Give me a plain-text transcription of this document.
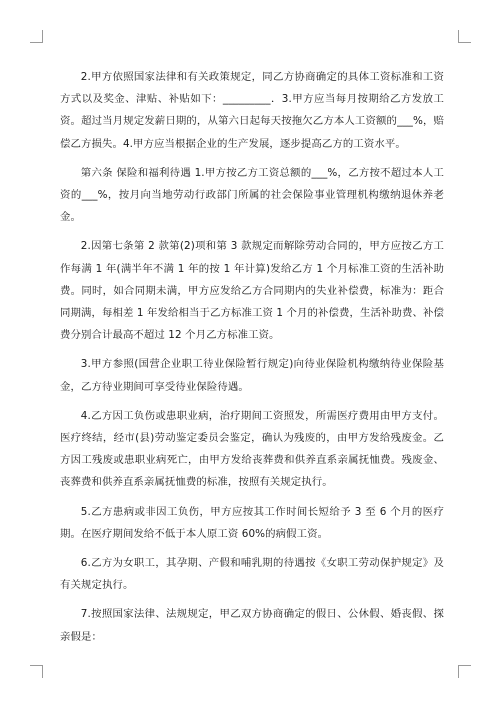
2.甲方依照国家法律和有关政策规定，同乙方协商确定的具体工资标准和工资方式以及奖金、津贴、补贴如下：_________．3.甲方应当每月按期给乙方发放工资。超过当月规定发薪日期的，从第六日起每天按拖欠乙方本人工资额的___%，赔偿乙方损失。4.甲方应当根据企业的生产发展，逐步提高乙方的工资水平。

第六条 保险和福利待遇 1.甲方按乙方工资总额的___%，乙方按不超过本人工资的___%，按月向当地劳动行政部门所属的社会保险事业管理机构缴纳退休养老金。

2.因第七条第 2 款第(2)项和第 3 款规定而解除劳动合同的，甲方应按乙方工作每满 1 年(满半年不满 1 年的按 1 年计算)发给乙方 1 个月标准工资的生活补助费。同时，如合同期未满，甲方应发给乙方合同期内的失业补偿费，标准为：距合同期满，每相差 1 年发给相当于乙方标准工资 1 个月的补偿费，生活补助费、补偿费分别合计最高不超过 12 个月乙方标准工资。

3.甲方参照(国营企业职工待业保险暂行规定)向待业保险机构缴纳待业保险基金，乙方待业期间可享受待业保险待遇。

4.乙方因工负伤或患职业病，治疗期间工资照发，所需医疗费用由甲方支付。医疗终结，经市(县)劳动鉴定委员会鉴定，确认为残废的，由甲方发给残废金。乙方因工残废或患职业病死亡，由甲方发给丧葬费和供养直系亲属抚恤费。残废金、丧葬费和供养直系亲属抚恤费的标准，按照有关规定执行。

5.乙方患病或非因工负伤，甲方应按其工作时间长短给予 3 至 6 个月的医疗期。在医疗期间发给不低于本人原工资 60%的病假工资。

6.乙方为女职工，其孕期、产假和哺乳期的待遇按《女职工劳动保护规定》及有关规定执行。

7.按照国家法律、法规规定，甲乙双方协商确定的假日、公休假、婚丧假、探亲假是：
